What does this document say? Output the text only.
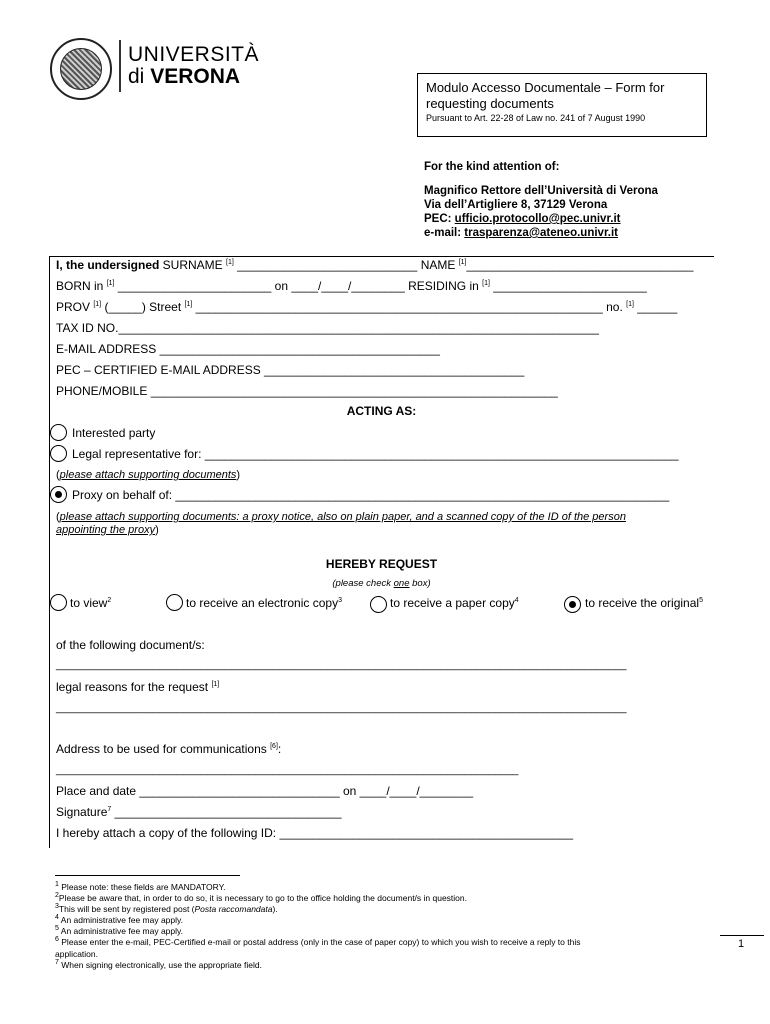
UNIVERSITÀ
di VERONA	Modulo Accesso Documentale – Form for requesting documents
Pursuant to Art. 22-28 of Law no. 241 of 7 August 1990
For the kind attention of:
Magnifico Rettore dell’Università di Verona
Via dell’Artigliere 8, 37129 Verona
PEC: ufficio.protocollo@pec.univr.it
e-mail: trasparenza@ateneo.univr.it
I, the undersigned SURNAME [1] ___________________________ NAME [1]__________________________________
BORN in [1] _______________________ on ____/____/________ RESIDING in [1] _______________________
PROV [1] (_____) Street [1] _____________________________________________________________ no. [1] ______
TAX ID NO.________________________________________________________________________
E-MAIL ADDRESS __________________________________________
PEC – CERTIFIED E-MAIL ADDRESS _______________________________________
PHONE/MOBILE _____________________________________________________________
ACTING AS:
Interested party
Legal representative for: _______________________________________________________________________
(please attach supporting documents)
Proxy on behalf of: __________________________________________________________________________
(please attach supporting documents: a proxy notice, also on plain paper, and a scanned copy of the ID of the person
appointing the proxy)
HEREBY REQUEST
(please check one box)
to view$^2$	to receive an electronic copy$^3$	to receive a paper copy$^4$	to receive the original$^5$
of the following document/s:
_______________________________________________________________________________________________
legal reasons for the request [1]
_______________________________________________________________________________________________
Address to be used for communications [6]:
_____________________________________________________________________________
Place and date ______________________________ on ____/____/________
Signature$^7$ __________________________________
I hereby attach a copy of the following ID: ____________________________________________
$^1$ Please note: these fields are MANDATORY.
$^2$Please be aware that, in order to do so, it is necessary to go to the office holding the document/s in question.
$^3$This will be sent by registered post (Posta raccomandata).
$^4$ An administrative fee may apply.
$^5$ An administrative fee may apply.
$^6$ Please enter the e-mail, PEC-Certified e-mail or postal address (only in the case of paper copy) to which you wish to receive a reply to this
application.
$^7$ When signing electronically, use the appropriate field.
1
